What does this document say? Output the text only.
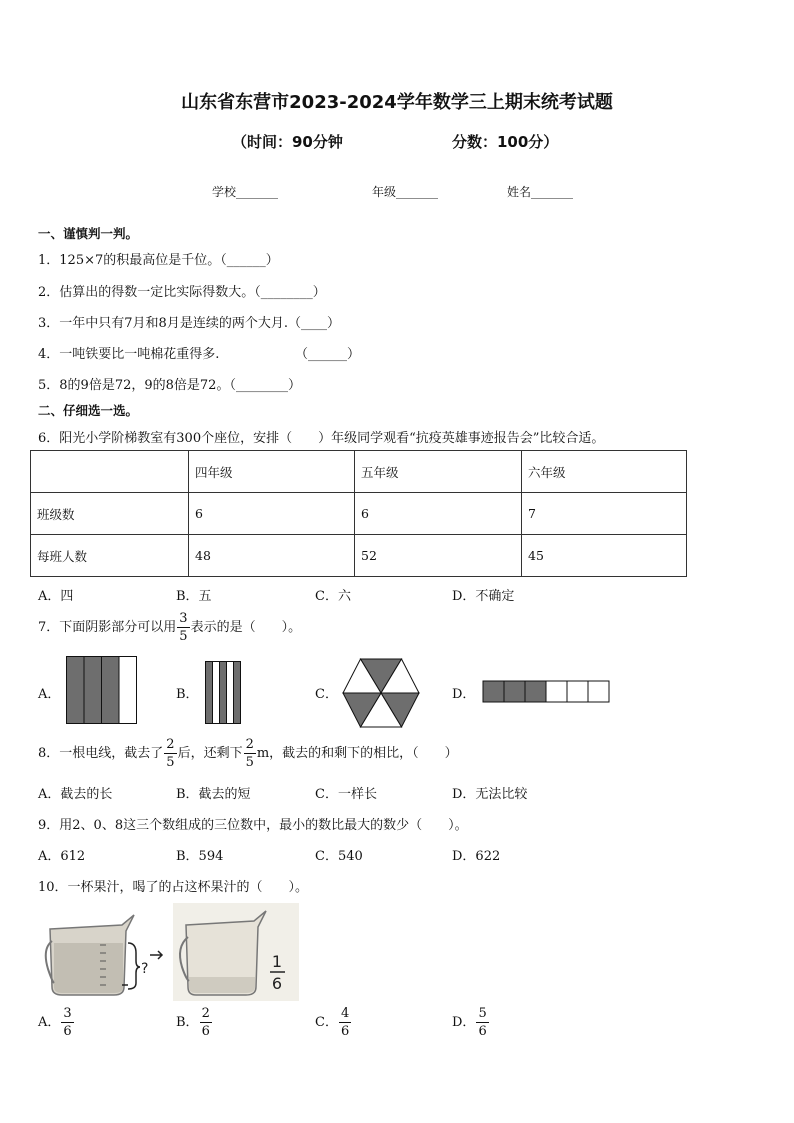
山东省东营市2023-2024学年数学三上期末统考试题
（时间：90分钟	分数：100分）
学校_______	年级_______	姓名_______
一、谨慎判一判。
1．125×7的积最高位是千位。（______）
2．估算出的得数一定比实际得数大。（________）
3．一年中只有7月和8月是连续的两个大月.（____）
4．一吨铁要比一吨棉花重得多.	（______）
5．8的9倍是72，9的8倍是72。（________）
二、仔细选一选。
6．阳光小学阶梯教室有300个座位，安排（　　）年级同学观看“抗疫英雄事迹报告会”比较合适。
	四年级	五年级	六年级
班级数	6	6	7
每班人数	48	52	45
A．四	B．五	C．六	D．不确定
7．下面阴影部分可以用 $\frac{3}{5}$ 表示的是（　　）。
A．	B．	C．	D．
8．一根电线，截去了 $\frac{2}{5}$ 后，还剩下 $\frac{2}{5}$ m，截去的和剩下的相比，（　　）
A．截去的长	B．截去的短	C．一样长	D．无法比较
9．用2、0、8这三个数组成的三位数中，最小的数比最大的数少（　　）。
A．612	B．594	C．540	D．622
10．一杯果汁，喝了的占这杯果汁的（　　）。
?	1
6
A． $\frac{3}{6}$	B． $\frac{2}{6}$	C． $\frac{4}{6}$	D． $\frac{5}{6}$
